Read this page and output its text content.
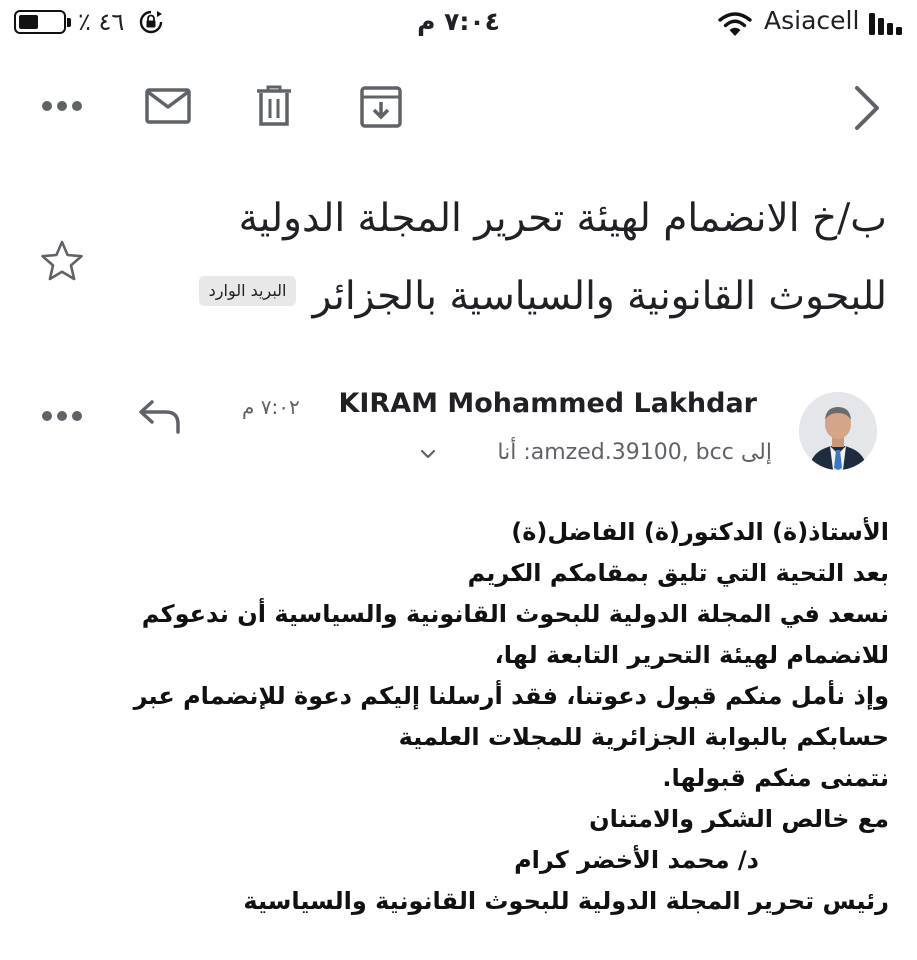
٤٦ ٪	٧:٠٤ م	Asiacell
ب/خ الانضمام لهيئة تحرير المجلة الدولية
للبحوث القانونية والسياسية بالجزائرالبريد الوارد
٧:٠٢ م KIRAM Mohammed Lakhdar
إلى amzed.39100, bcc: أنا
الأستاذ(ة) الدكتور(ة) الفاضل(ة)
بعد التحية التي تليق بمقامكم الكريم
نسعد في المجلة الدولية للبحوث القانونية والسياسية أن ندعوكم
للانضمام لهيئة التحرير التابعة لها،
وإذ نأمل منكم قبول دعوتنا، فقد أرسلنا إليكم دعوة للإنضمام عبر
حسابكم بالبوابة الجزائرية للمجلات العلمية
نتمنى منكم قبولها.
مع خالص الشكر والامتنان
د/ محمد الأخضر كرام
رئيس تحرير المجلة الدولية للبحوث القانونية والسياسية
